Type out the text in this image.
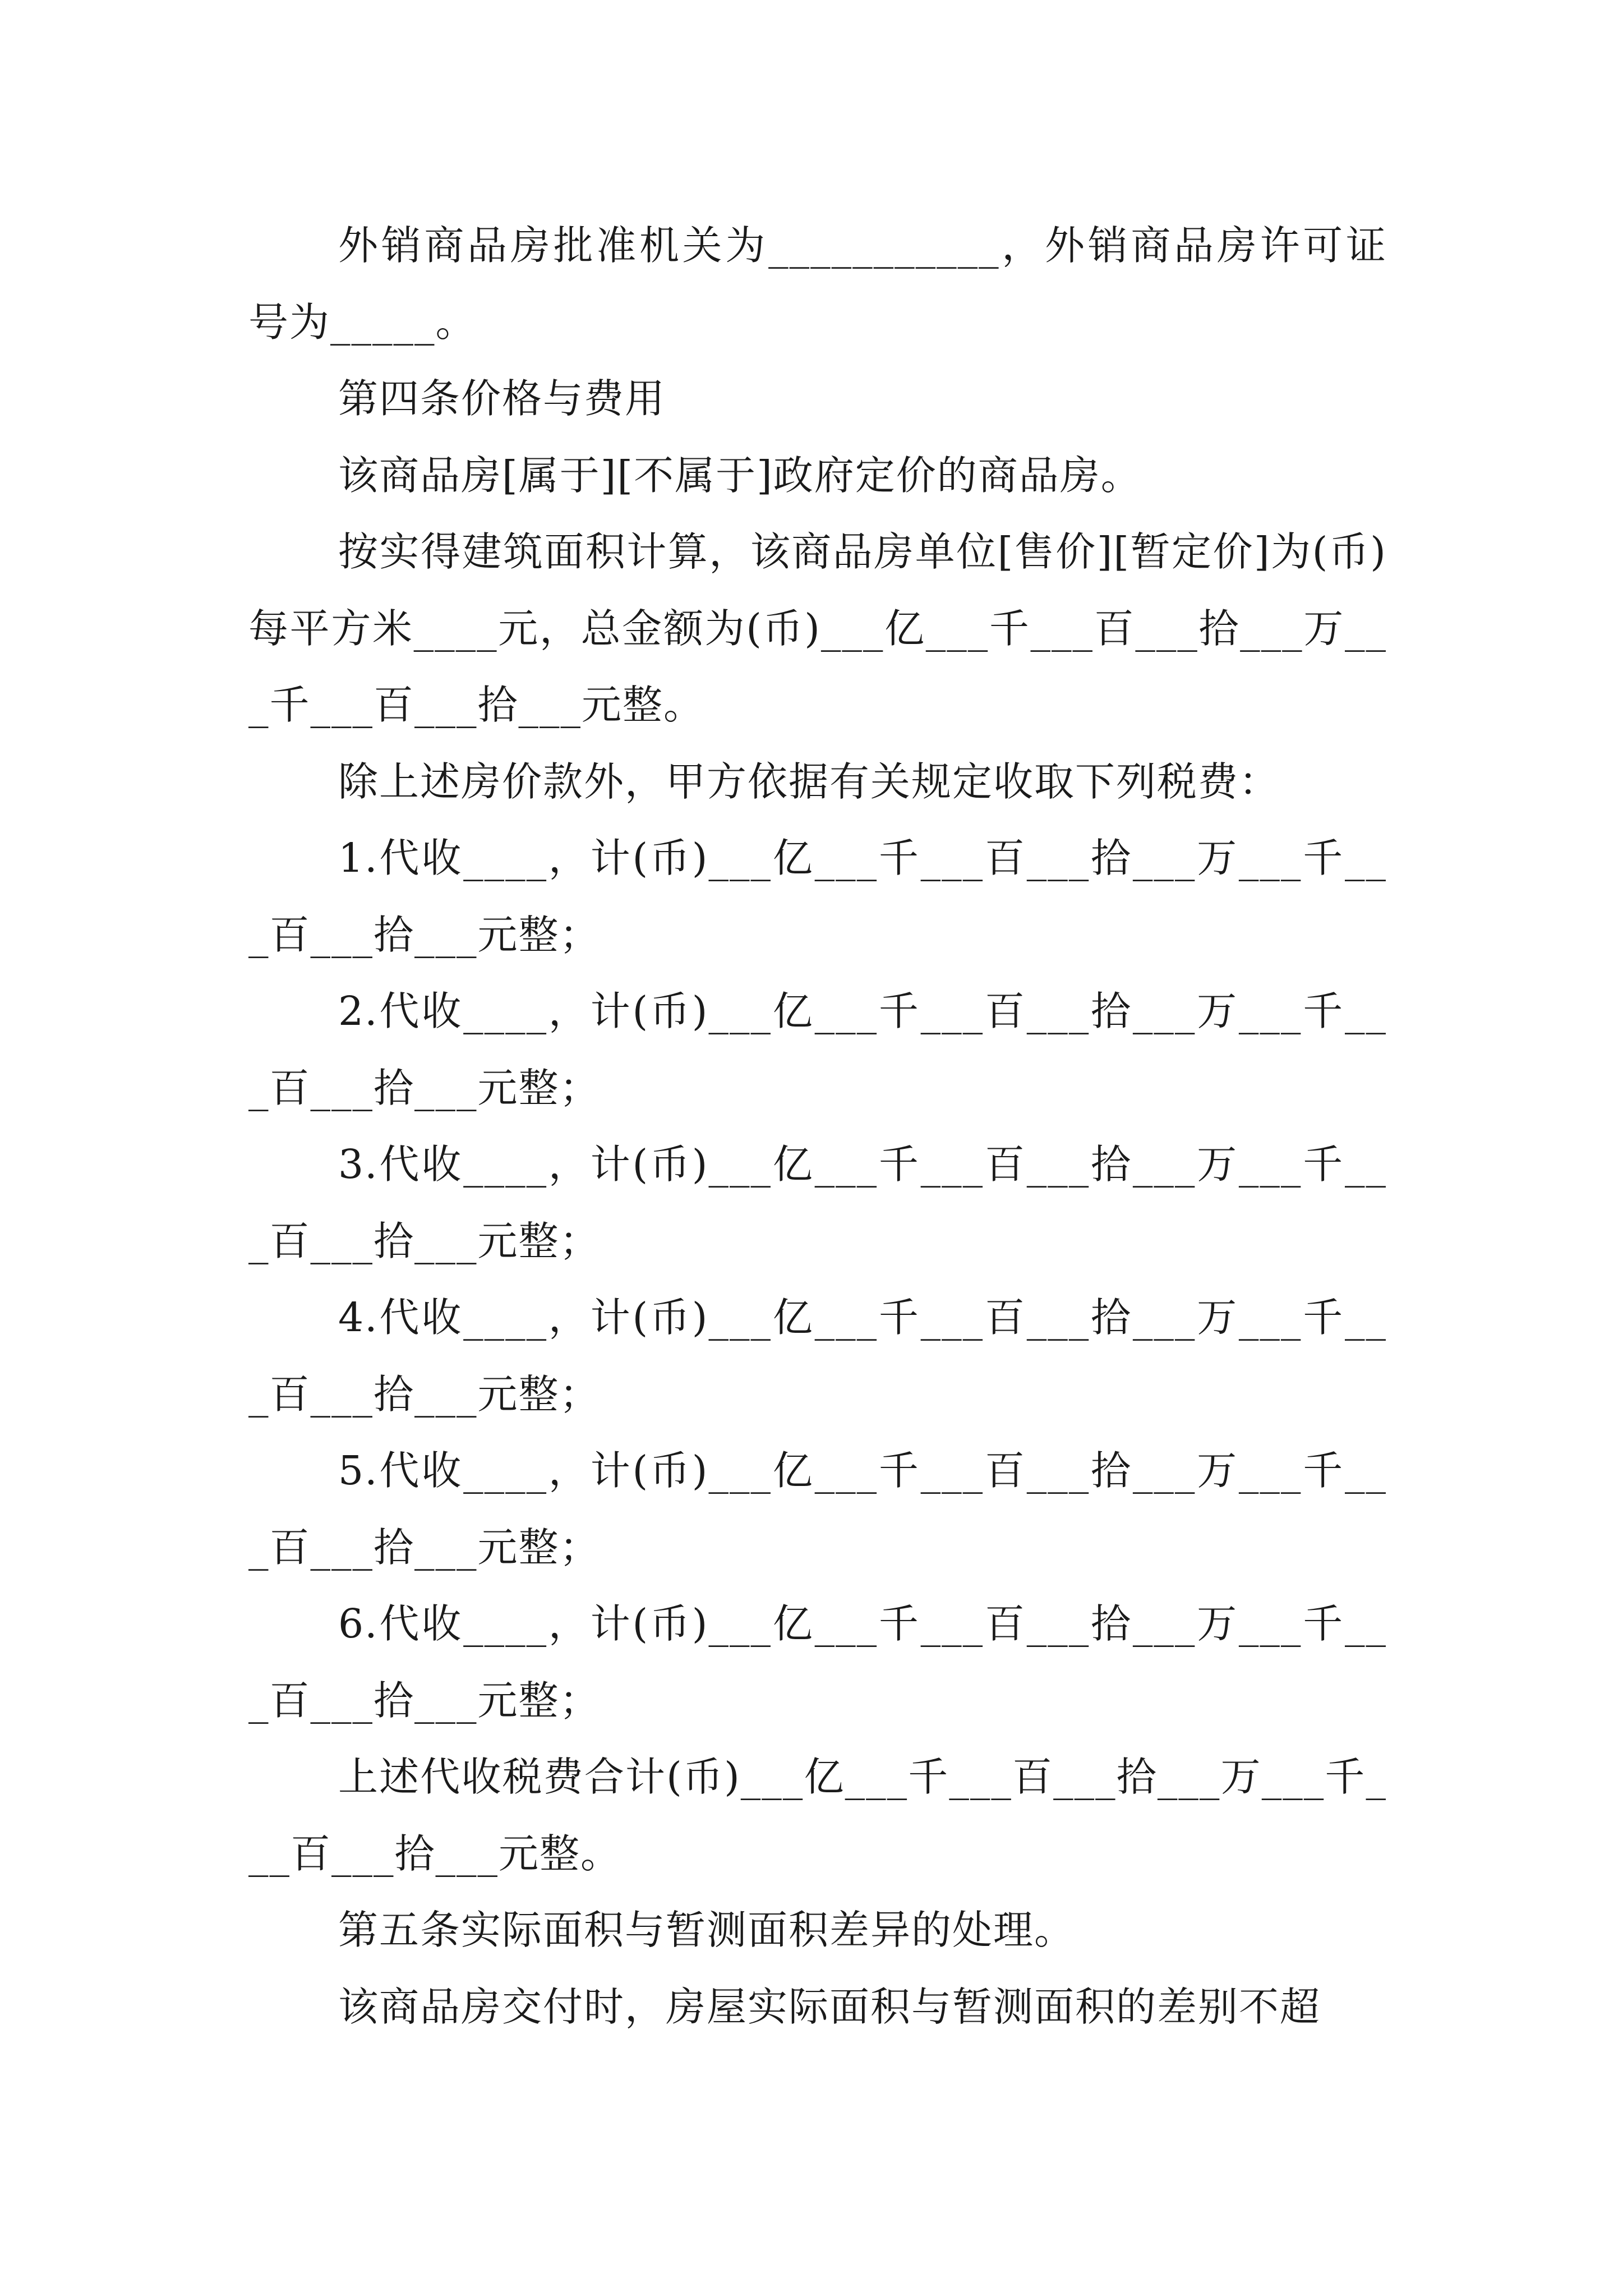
外销商品房批准机关为___________，外销商品房许可证号为_____。

第四条价格与费用

该商品房[属于][不属于]政府定价的商品房。

按实得建筑面积计算，该商品房单位[售价][暂定价]为(币)每平方米____元，总金额为(币)___亿___千___百___拾___万___千___百___拾___元整。

除上述房价款外，甲方依据有关规定收取下列税费：

1.代收____，计(币)___亿___千___百___拾___万___千___百___拾___元整；

2.代收____，计(币)___亿___千___百___拾___万___千___百___拾___元整；

3.代收____，计(币)___亿___千___百___拾___万___千___百___拾___元整；

4.代收____，计(币)___亿___千___百___拾___万___千___百___拾___元整；

5.代收____，计(币)___亿___千___百___拾___万___千___百___拾___元整；

6.代收____，计(币)___亿___千___百___拾___万___千___百___拾___元整；

上述代收税费合计(币)___亿___千___百___拾___万___千___百___拾___元整。

第五条实际面积与暂测面积差异的处理。

该商品房交付时，房屋实际面积与暂测面积的差别不超
